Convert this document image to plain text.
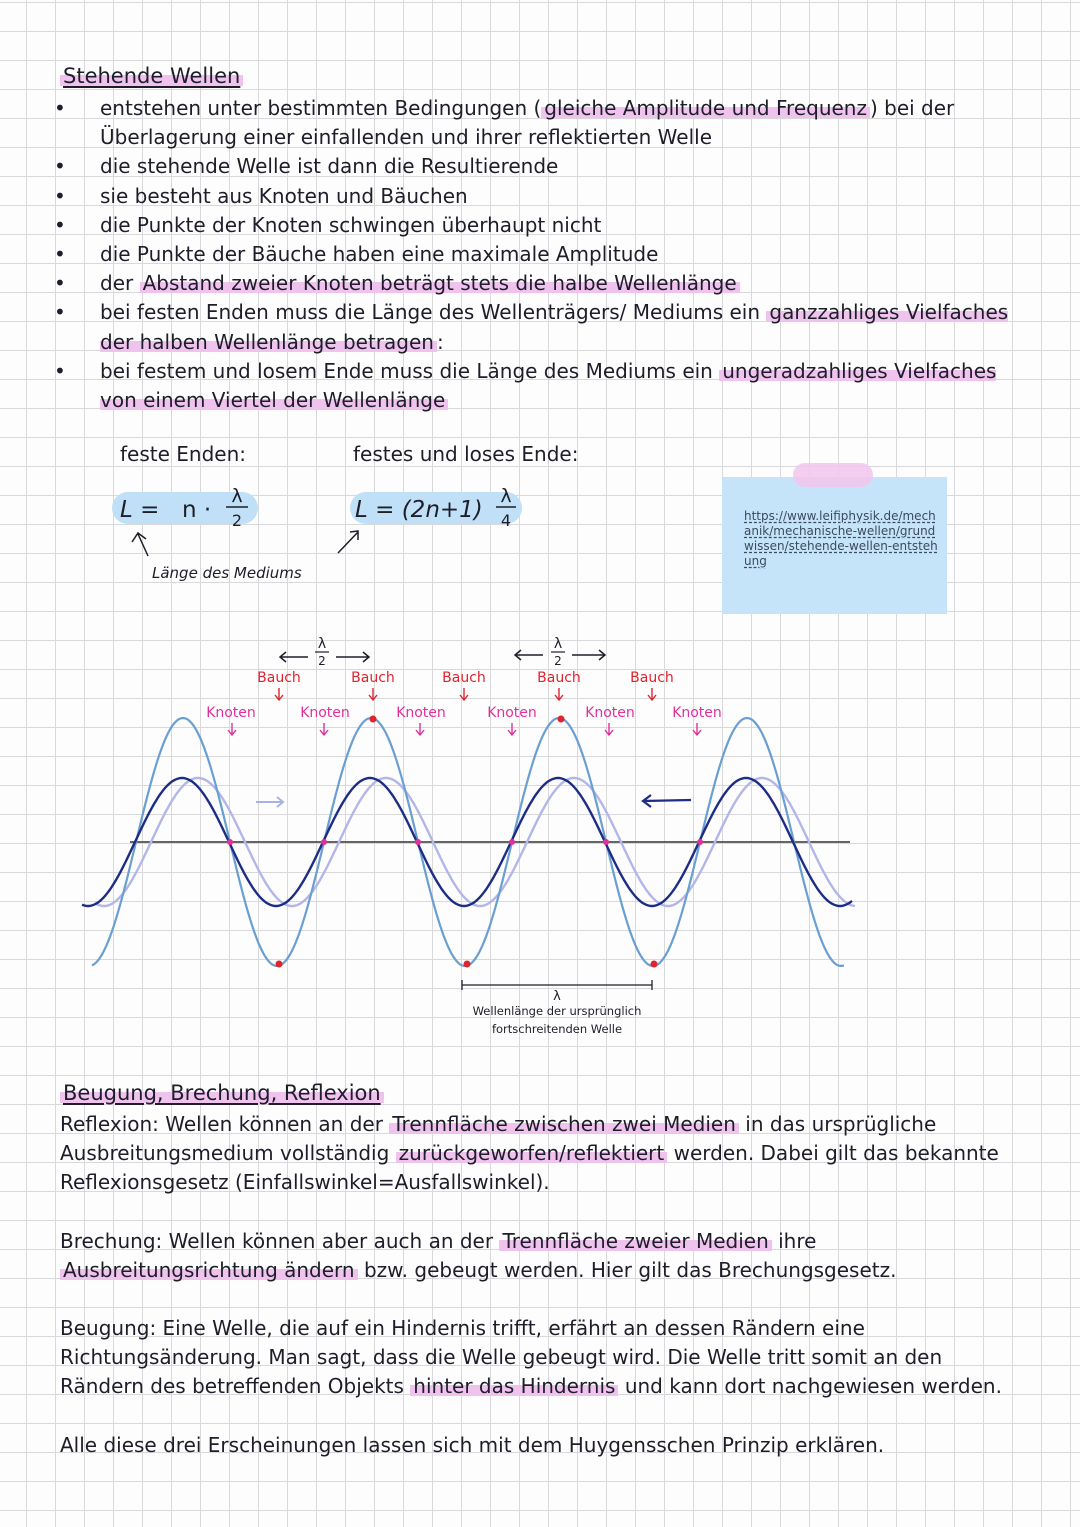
Stehende Wellen
• entstehen unter bestimmten Bedingungen ( gleiche Amplitude und Frequenz ) bei der Überlagerung einer einfallenden und ihrer reflektierten Welle
• die stehende Welle ist dann die Resultierende
• sie besteht aus Knoten und Bäuchen
• die Punkte der Knoten schwingen überhaupt nicht
• die Punkte der Bäuche haben eine maximale Amplitude
• der Abstand zweier Knoten beträgt stets die halbe Wellenlänge
• bei festen Enden muss die Länge des Wellenträgers/ Mediums ein ganzzahliges Vielfaches der halben Wellenlänge betragen :
• bei festem und losem Ende muss die Länge des Mediums ein ungeradzahliges Vielfaches von einem Viertel der Wellenlänge
feste Enden:	festes und loses Ende:
https://www.leifiphysik.de/mechanik/mechanische-wellen/grundwissen/stehende-wellen-entstehung
L = n ·
λ
2	L = (2n+1)
λ
4
Länge des Mediums
λ
2
λ
2
Bauch	Bauch	Bauch	Bauch	Bauch
Knoten	Knoten	Knoten	Knoten	Knoten	Knoten
λ
Wellenlänge der ursprünglich
fortschreitenden Welle
Beugung, Brechung, Reflexion

Reflexion: Wellen können an der Trennfläche zwischen zwei Medien in das ursprügliche Ausbreitungsmedium vollständig zurückgeworfen/reflektiert werden. Dabei gilt das bekannte Reflexionsgesetz (Einfallswinkel=Ausfallswinkel).

Brechung: Wellen können aber auch an der Trennfläche zweier Medien ihre Ausbreitungsrichtung ändern bzw. gebeugt werden. Hier gilt das Brechungsgesetz.

Beugung: Eine Welle, die auf ein Hindernis trifft, erfährt an dessen Rändern eine Richtungsänderung. Man sagt, dass die Welle gebeugt wird. Die Welle tritt somit an den Rändern des betreffenden Objekts hinter das Hindernis und kann dort nachgewiesen werden.

Alle diese drei Erscheinungen lassen sich mit dem Huygensschen Prinzip erklären.
